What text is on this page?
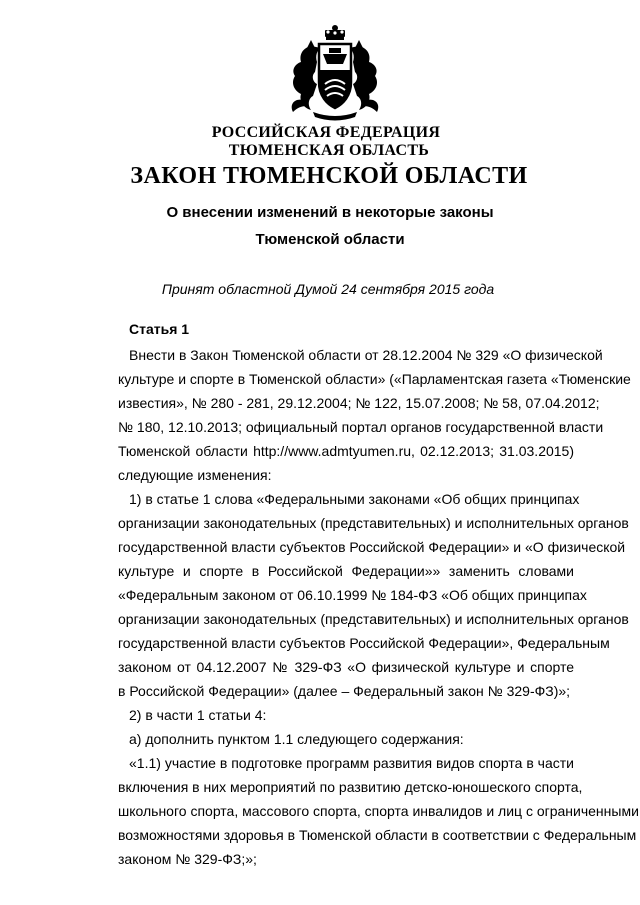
РОССИЙСКАЯ ФЕДЕРАЦИЯ
ТЮМЕНСКАЯ ОБЛАСТЬ
ЗАКОН ТЮМЕНСКОЙ ОБЛАСТИ
О внесении изменений в некоторые законы
Тюменской области
Принят областной Думой 24 сентября 2015 года
Статья 1
Внести в Закон Тюменской области от 28.12.2004 № 329 «О физической
культуре и спорте в Тюменской области» («Парламентская газета «Тюменские
известия», № 280 - 281, 29.12.2004; № 122, 15.07.2008; № 58, 07.04.2012;
№ 180, 12.10.2013; официальный портал органов государственной власти
Тюменской области http://www.admtyumen.ru, 02.12.2013; 31.03.2015)
следующие изменения:
1) в статье 1 слова «Федеральными законами «Об общих принципах
организации законодательных (представительных) и исполнительных органов
государственной власти субъектов Российской Федерации» и «О физической
культуре и спорте в Российской Федерации»» заменить словами
«Федеральным законом от 06.10.1999 № 184-ФЗ «Об общих принципах
организации законодательных (представительных) и исполнительных органов
государственной власти субъектов Российской Федерации», Федеральным
законом от 04.12.2007 № 329-ФЗ «О физической культуре и спорте
в Российской Федерации» (далее – Федеральный закон № 329-ФЗ)»;
2) в части 1 статьи 4:
а) дополнить пунктом 1.1 следующего содержания:
«1.1) участие в подготовке программ развития видов спорта в части
включения в них мероприятий по развитию детско-юношеского спорта,
школьного спорта, массового спорта, спорта инвалидов и лиц с ограниченными
возможностями здоровья в Тюменской области в соответствии с Федеральным
законом № 329-ФЗ;»;
